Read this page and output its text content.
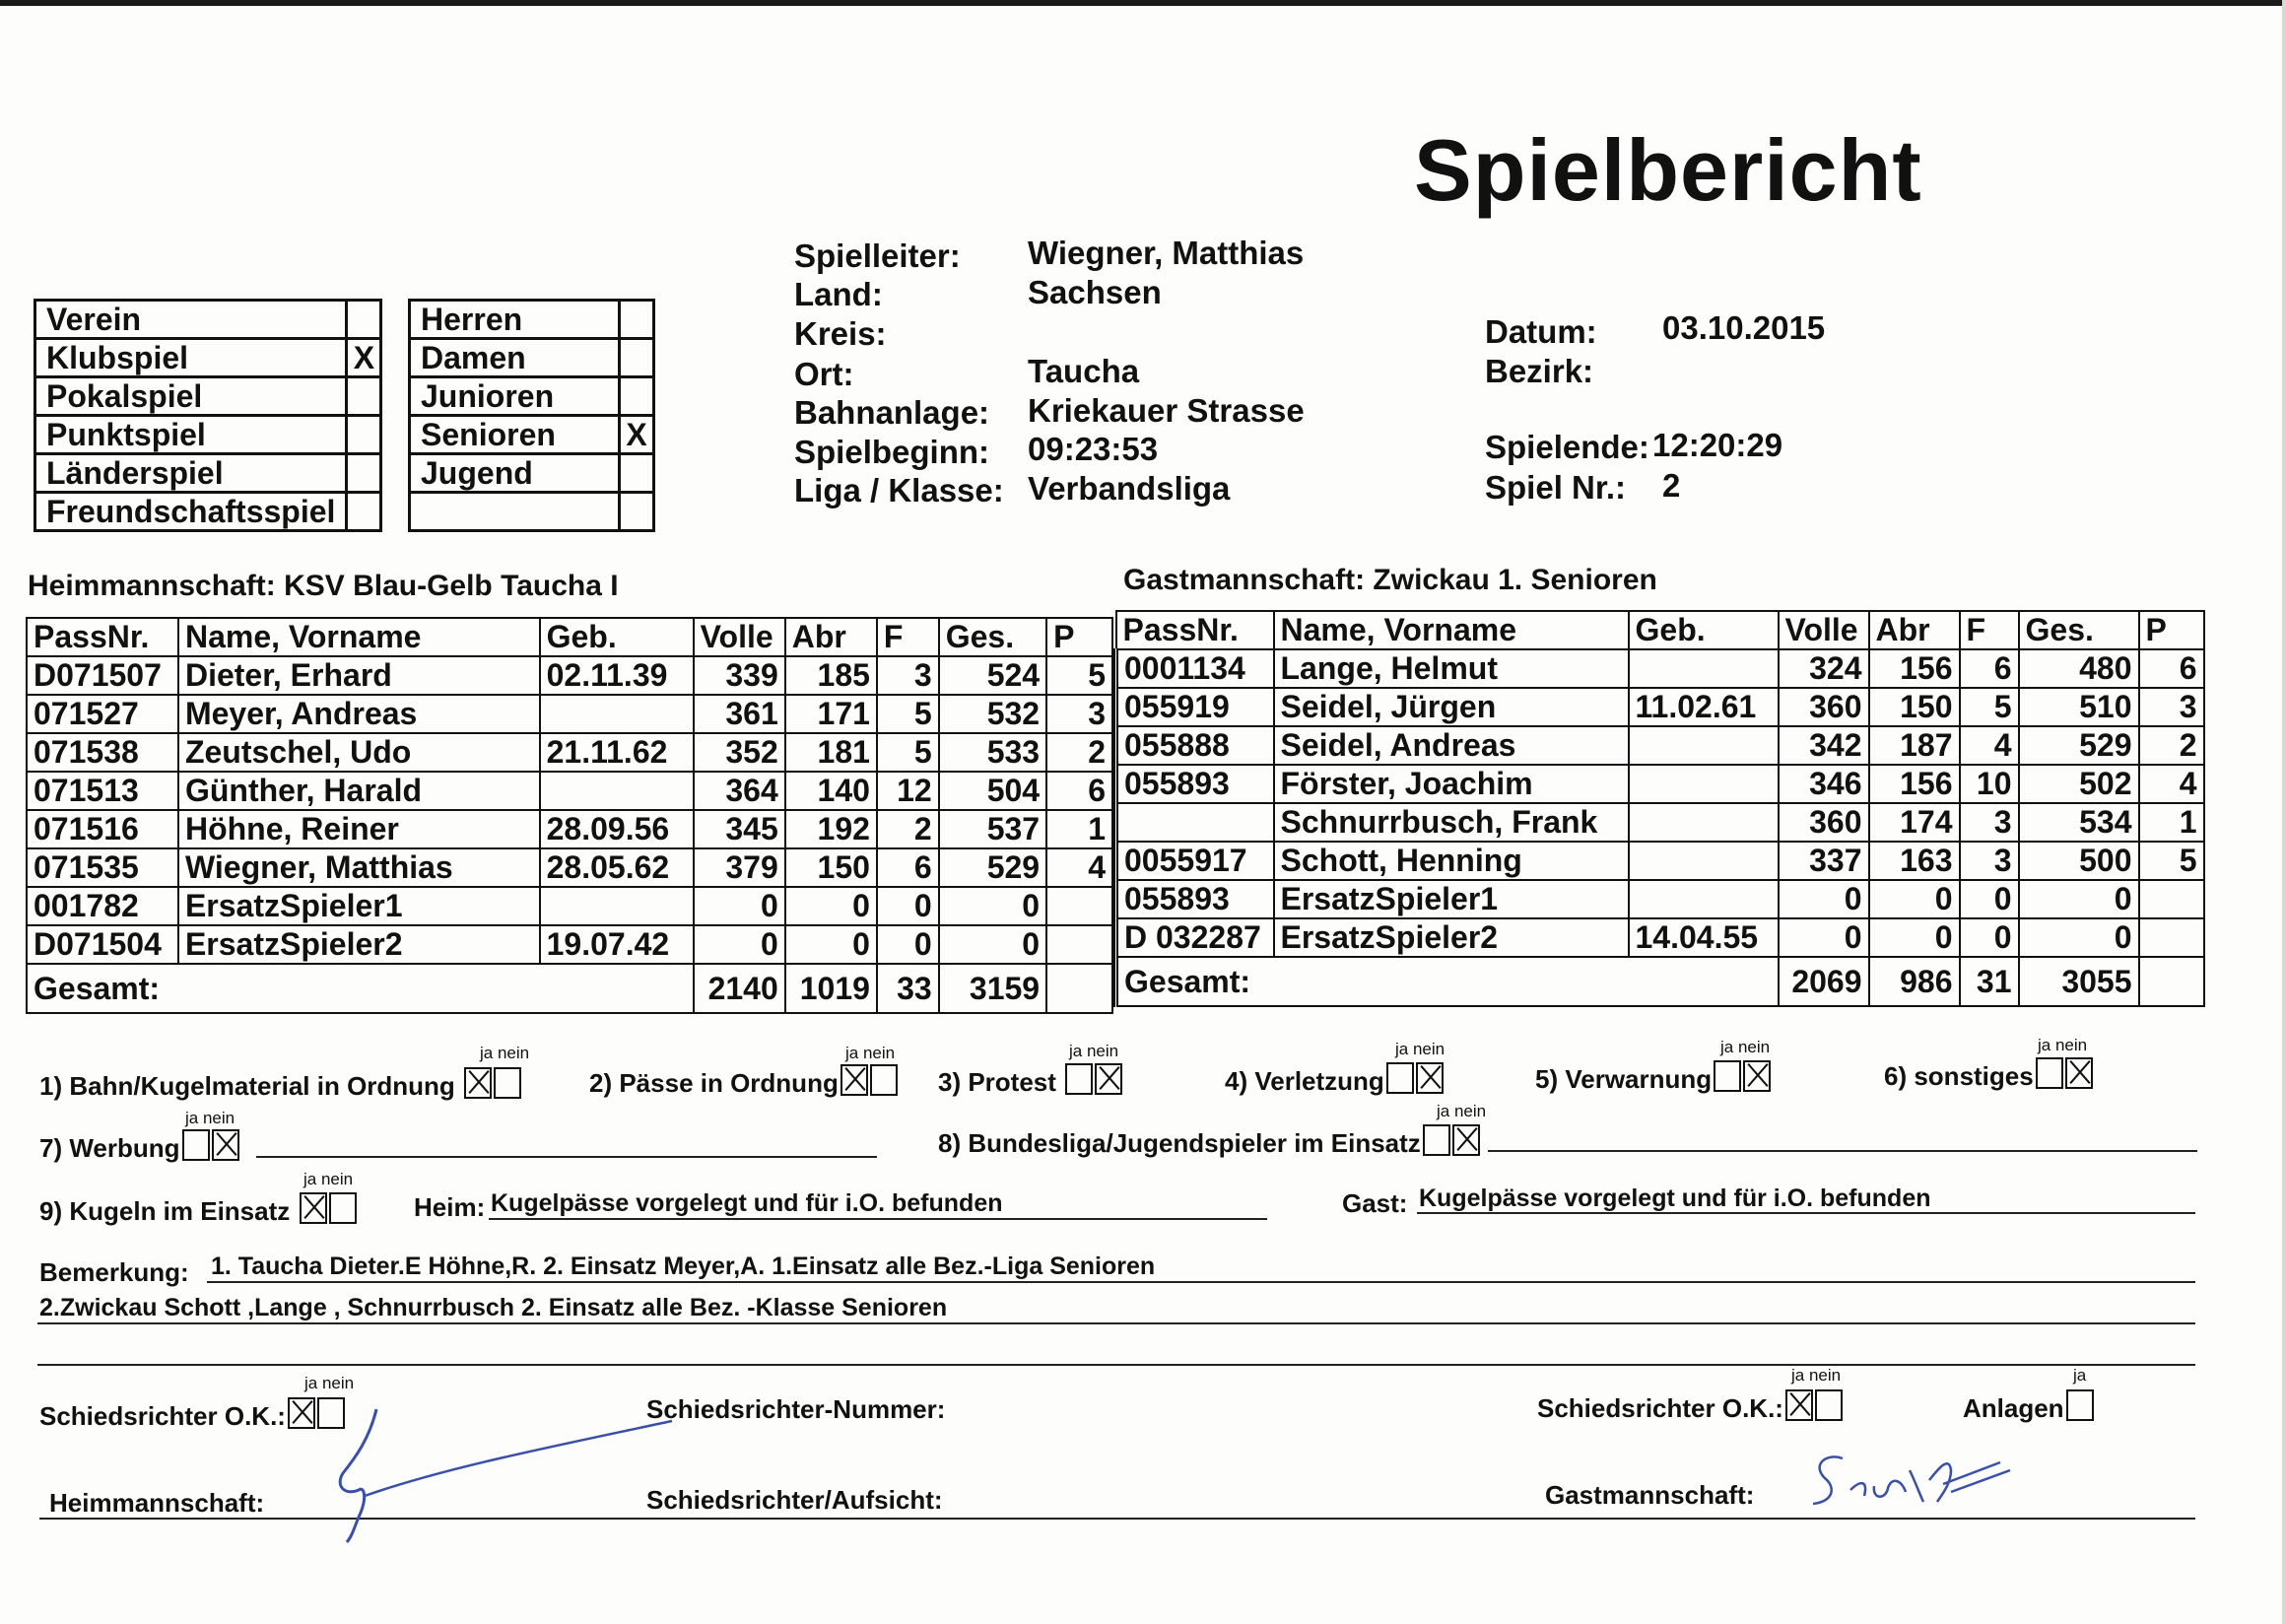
Spielbericht
Spielleiter: Wiegner, Matthias
Land:	Sachsen
Kreis:
Ort:	Taucha
Bahnanlage: Kriekauer Strasse
Spielbeginn: 09:23:53
Liga / Klasse: Verbandsliga
Datum: 03.10.2015
Bezirk:
Spielende: 12:20:29
Spiel Nr.: 2
Verein	
Klubspiel	X
Pokalspiel	
Punktspiel	
Länderspiel	
Freundschaftsspiel	
Herren	
Damen	
Junioren	
Senioren	X
Jugend	

Heimmannschaft: KSV Blau-Gelb Taucha I	Gastmannschaft: Zwickau 1. Senioren
PassNr.	Name, Vorname	Geb.	Volle	Abr	F	Ges.	P
D071507	Dieter, Erhard	02.11.39	339	185	3	524	5
071527	Meyer, Andreas		361	171	5	532	3
071538	Zeutschel, Udo	21.11.62	352	181	5	533	2
071513	Günther, Harald		364	140	12	504	6
071516	Höhne, Reiner	28.09.56	345	192	2	537	1
071535	Wiegner, Matthias	28.05.62	379	150	6	529	4
001782	ErsatzSpieler1		0	0	0	0	
D071504	ErsatzSpieler2	19.07.42	0	0	0	0	
Gesamt:			2140	1019	33	3159	
PassNr.	Name, Vorname	Geb.	Volle	Abr	F	Ges.	P
0001134	Lange, Helmut		324	156	6	480	6
055919	Seidel, Jürgen	11.02.61	360	150	5	510	3
055888	Seidel, Andreas		342	187	4	529	2
055893	Förster, Joachim		346	156	10	502	4
	Schnurrbusch, Frank		360	174	3	534	1
0055917	Schott, Henning		337	163	3	500	5
055893	ErsatzSpieler1		0	0	0	0	
D 032287	ErsatzSpieler2	14.04.55	0	0	0	0	
Gesamt:			2069	986	31	3055	
ja nein
1) Bahn/Kugelmaterial in Ordnung
ja nein
2) Pässe in Ordnung
ja nein
3) Protest
ja nein
4) Verletzung
ja nein
5) Verwarnung
ja nein
6) sonstiges
ja nein
7) Werbung
ja nein
8) Bundesliga/Jugendspieler im Einsatz
ja nein
9) Kugeln im Einsatz	Heim: Kugelpässe vorgelegt und für i.O. befunden	Gast: Kugelpässe vorgelegt und für i.O. befunden
Bemerkung: 1. Taucha Dieter.E Höhne,R. 2. Einsatz Meyer,A. 1.Einsatz alle Bez.-Liga Senioren
2.Zwickau Schott ,Lange , Schnurrbusch 2. Einsatz alle Bez. -Klasse Senioren
ja nein
Schiedsrichter O.K.:	Schiedsrichter-Nummer:
ja nein
Schiedsrichter O.K.:
ja
Anlagen
Heimmannschaft:	Schiedsrichter/Aufsicht:	Gastmannschaft:
